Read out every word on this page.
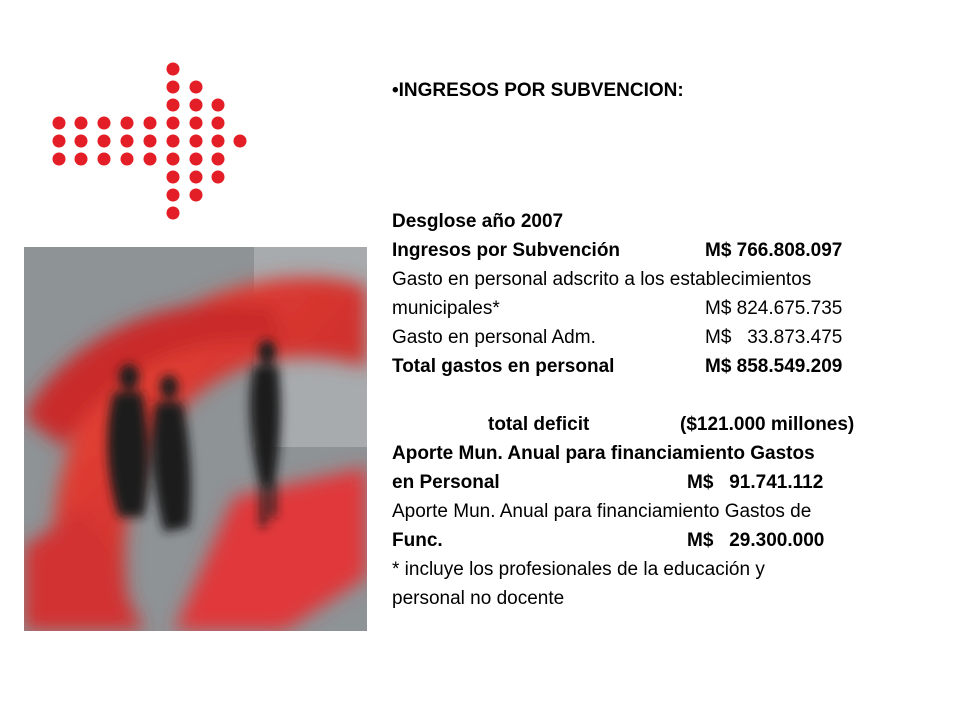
•INGRESOS POR SUBVENCION:
Desglose año 2007
Ingresos por Subvención	M$ 766.808.097
Gasto en personal adscrito a los establecimientos
municipales*	M$ 824.675.735
Gasto en personal Adm.	M$   33.873.475
Total gastos en personal	M$ 858.549.209
total deficit	($121.000 millones)
Aporte Mun. Anual para financiamiento Gastos
en Personal	M$   91.741.112
Aporte Mun. Anual para financiamiento Gastos de
Func.	M$   29.300.000
* incluye los profesionales de la educación y
personal no docente
